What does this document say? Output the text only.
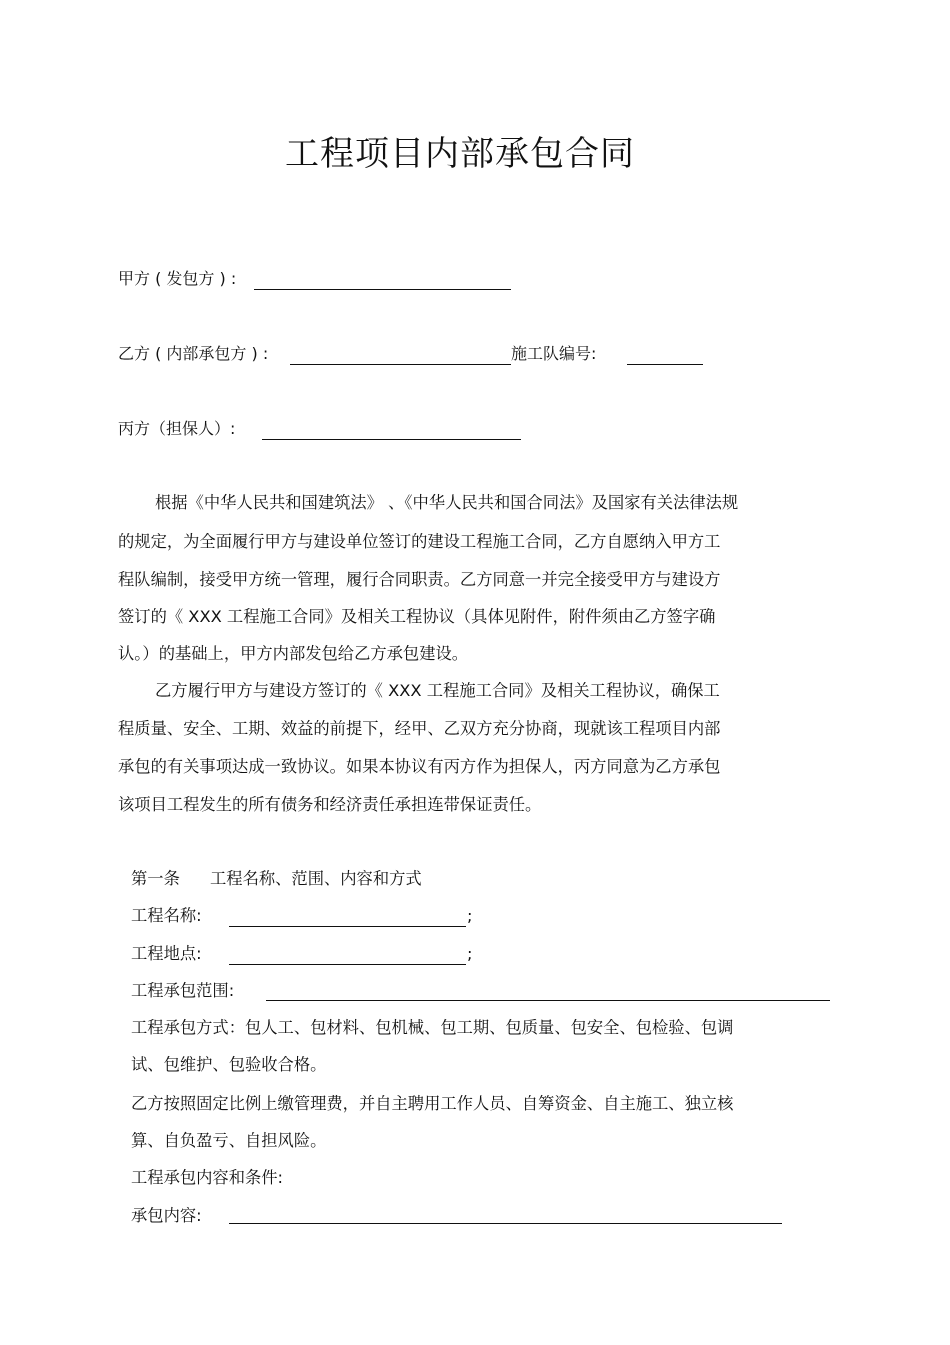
工程项目内部承包合同
甲方 ( 发包方 ) :
乙方 ( 内部承包方 ) :	施工队编号:
丙方（担保人）:
根据《中华人民共和国建筑法》 、《中华人民共和国合同法》及国家有关法律法规
的规定，为全面履行甲方与建设单位签订的建设工程施工合同，乙方自愿纳入甲方工
程队编制，接受甲方统一管理，履行合同职责。乙方同意一并完全接受甲方与建设方
签订的《 XXX 工程施工合同》及相关工程协议（具体见附件，附件须由乙方签字确
认。）的基础上，甲方内部发包给乙方承包建设。
乙方履行甲方与建设方签订的《 XXX 工程施工合同》及相关工程协议，确保工
程质量、安全、工期、效益的前提下，经甲、乙双方充分协商，现就该工程项目内部
承包的有关事项达成一致协议。如果本协议有丙方作为担保人，丙方同意为乙方承包
该项目工程发生的所有债务和经济责任承担连带保证责任。
第一条 工程名称、范围、内容和方式
工程名称:	;
工程地点:	;
工程承包范围:
工程承包方式：包人工、包材料、包机械、包工期、包质量、包安全、包检验、包调
试、包维护、包验收合格。
乙方按照固定比例上缴管理费，并自主聘用工作人员、自筹资金、自主施工、独立核
算、自负盈亏、自担风险。
工程承包内容和条件:
承包内容:
